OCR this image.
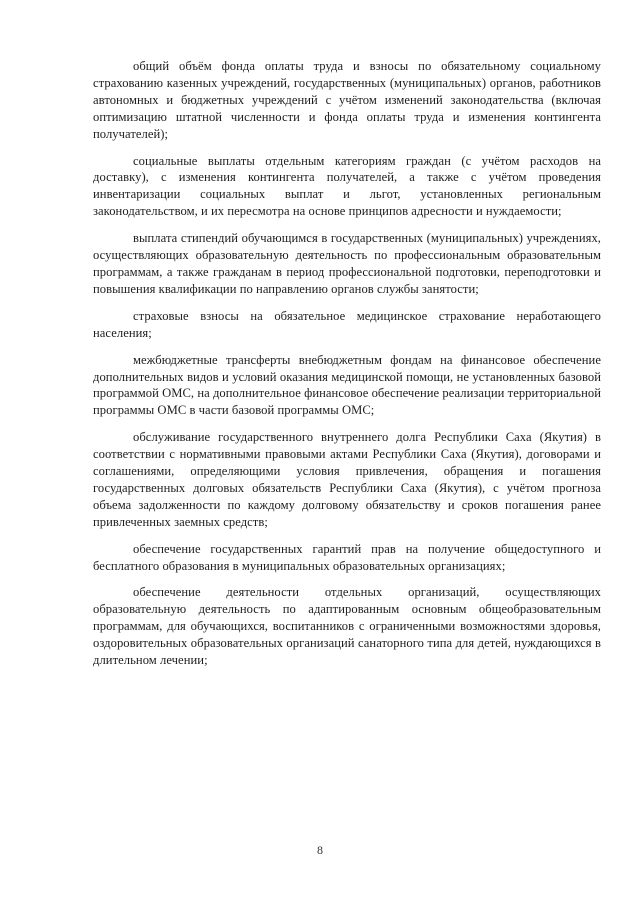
общий объём фонда оплаты труда и взносы по обязательному социальному страхованию казенных учреждений, государственных (муниципальных) органов, работников автономных и бюджетных учреждений с учётом изменений законодательства (включая оптимизацию штатной численности и фонда оплаты труда и изменения контингента получателей);

социальные выплаты отдельным категориям граждан (с учётом расходов на доставку), с изменения контингента получателей, а также с учётом проведения инвентаризации социальных выплат и льгот, установленных региональным законодательством, и их пересмотра на основе принципов адресности и нуждаемости;

выплата стипендий обучающимся в государственных (муниципальных) учреждениях, осуществляющих образовательную деятельность по профессиональным образовательным программам, а также гражданам в период профессиональной подготовки, переподготовки и повышения квалификации по направлению органов службы занятости;

страховые взносы на обязательное медицинское страхование неработающего населения;

межбюджетные трансферты внебюджетным фондам на финансовое обеспечение дополнительных видов и условий оказания медицинской помощи, не установленных базовой программой ОМС, на дополнительное финансовое обеспечение реализации территориальной программы ОМС в части базовой программы ОМС;

обслуживание государственного внутреннего долга Республики Саха (Якутия) в соответствии с нормативными правовыми актами Республики Саха (Якутия), договорами и соглашениями, определяющими условия привлечения, обращения и погашения государственных долговых обязательств Республики Саха (Якутия), с учётом прогноза объема задолженности по каждому долговому обязательству и сроков погашения ранее привлеченных заемных средств;

обеспечение государственных гарантий прав на получение общедоступного и бесплатного образования в муниципальных образовательных организациях;

обеспечение деятельности отдельных организаций, осуществляющих образовательную деятельность по адаптированным основным общеобразовательным программам, для обучающихся, воспитанников с ограниченными возможностями здоровья, оздоровительных образовательных организаций санаторного типа для детей, нуждающихся в длительном лечении;

8
